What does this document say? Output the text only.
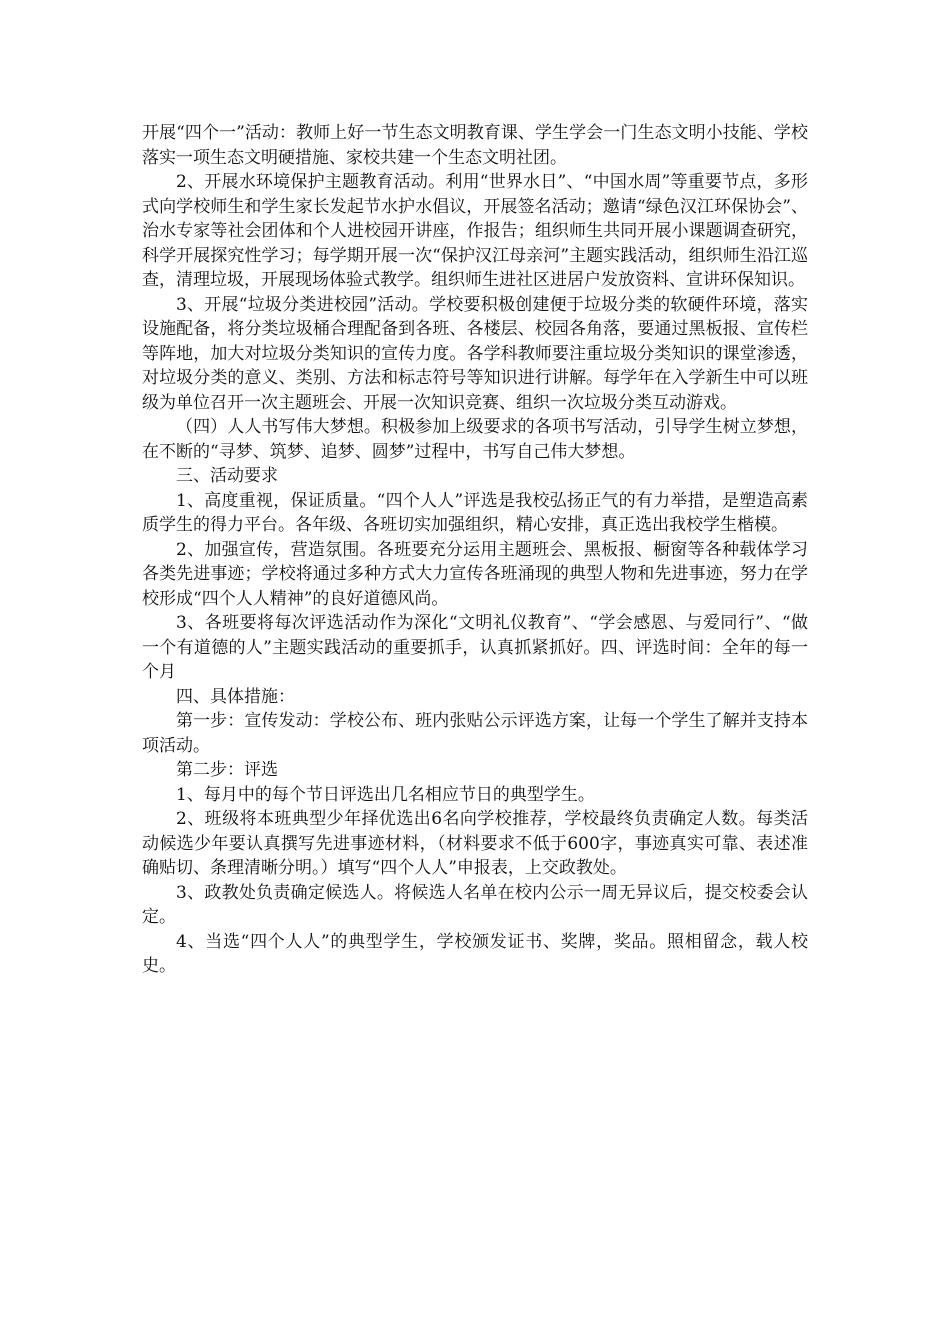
开展“四个一”活动：教师上好一节生态文明教育课、学生学会一门生态文明小技能、学校落实一项生态文明硬措施、家校共建一个生态文明社团。

2、开展水环境保护主题教育活动。利用“世界水日”、“中国水周”等重要节点，多形式向学校师生和学生家长发起节水护水倡议，开展签名活动；邀请“绿色汉江环保协会”、治水专家等社会团体和个人进校园开讲座，作报告；组织师生共同开展小课题调查研究，科学开展探究性学习；每学期开展一次“保护汉江母亲河”主题实践活动，组织师生沿江巡查，清理垃圾，开展现场体验式教学。组织师生进社区进居户发放资料、宣讲环保知识。

3、开展“垃圾分类进校园”活动。学校要积极创建便于垃圾分类的软硬件环境，落实设施配备，将分类垃圾桶合理配备到各班、各楼层、校园各角落，要通过黑板报、宣传栏等阵地，加大对垃圾分类知识的宣传力度。各学科教师要注重垃圾分类知识的课堂渗透，对垃圾分类的意义、类别、方法和标志符号等知识进行讲解。每学年在入学新生中可以班级为单位召开一次主题班会、开展一次知识竞赛、组织一次垃圾分类互动游戏。

（四）人人书写伟大梦想。积极参加上级要求的各项书写活动，引导学生树立梦想，在不断的“寻梦、筑梦、追梦、圆梦”过程中，书写自己伟大梦想。

三、活动要求

1、高度重视，保证质量。“四个人人”评选是我校弘扬正气的有力举措，是塑造高素质学生的得力平台。各年级、各班切实加强组织，精心安排，真正选出我校学生楷模。

2、加强宣传，营造氛围。各班要充分运用主题班会、黑板报、橱窗等各种载体学习各类先进事迹；学校将通过多种方式大力宣传各班涌现的典型人物和先进事迹，努力在学校形成“四个人人精神”的良好道德风尚。

3、各班要将每次评选活动作为深化“文明礼仪教育”、“学会感恩、与爱同行”、“做一个有道德的人”主题实践活动的重要抓手，认真抓紧抓好。四、评选时间：全年的每一个月

四、具体措施：

第一步：宣传发动：学校公布、班内张贴公示评选方案，让每一个学生了解并支持本项活动。

第二步：评选

1、每月中的每个节日评选出几名相应节日的典型学生。

2、班级将本班典型少年择优选出6名向学校推荐，学校最终负责确定人数。每类活动候选少年要认真撰写先进事迹材料，（材料要求不低于600字，事迹真实可靠、表述准确贴切、条理清晰分明。）填写“四个人人”申报表，上交政教处。

3、政教处负责确定候选人。将候选人名单在校内公示一周无异议后，提交校委会认定。

4、当选“四个人人”的典型学生，学校颁发证书、奖牌，奖品。照相留念，载人校史。
